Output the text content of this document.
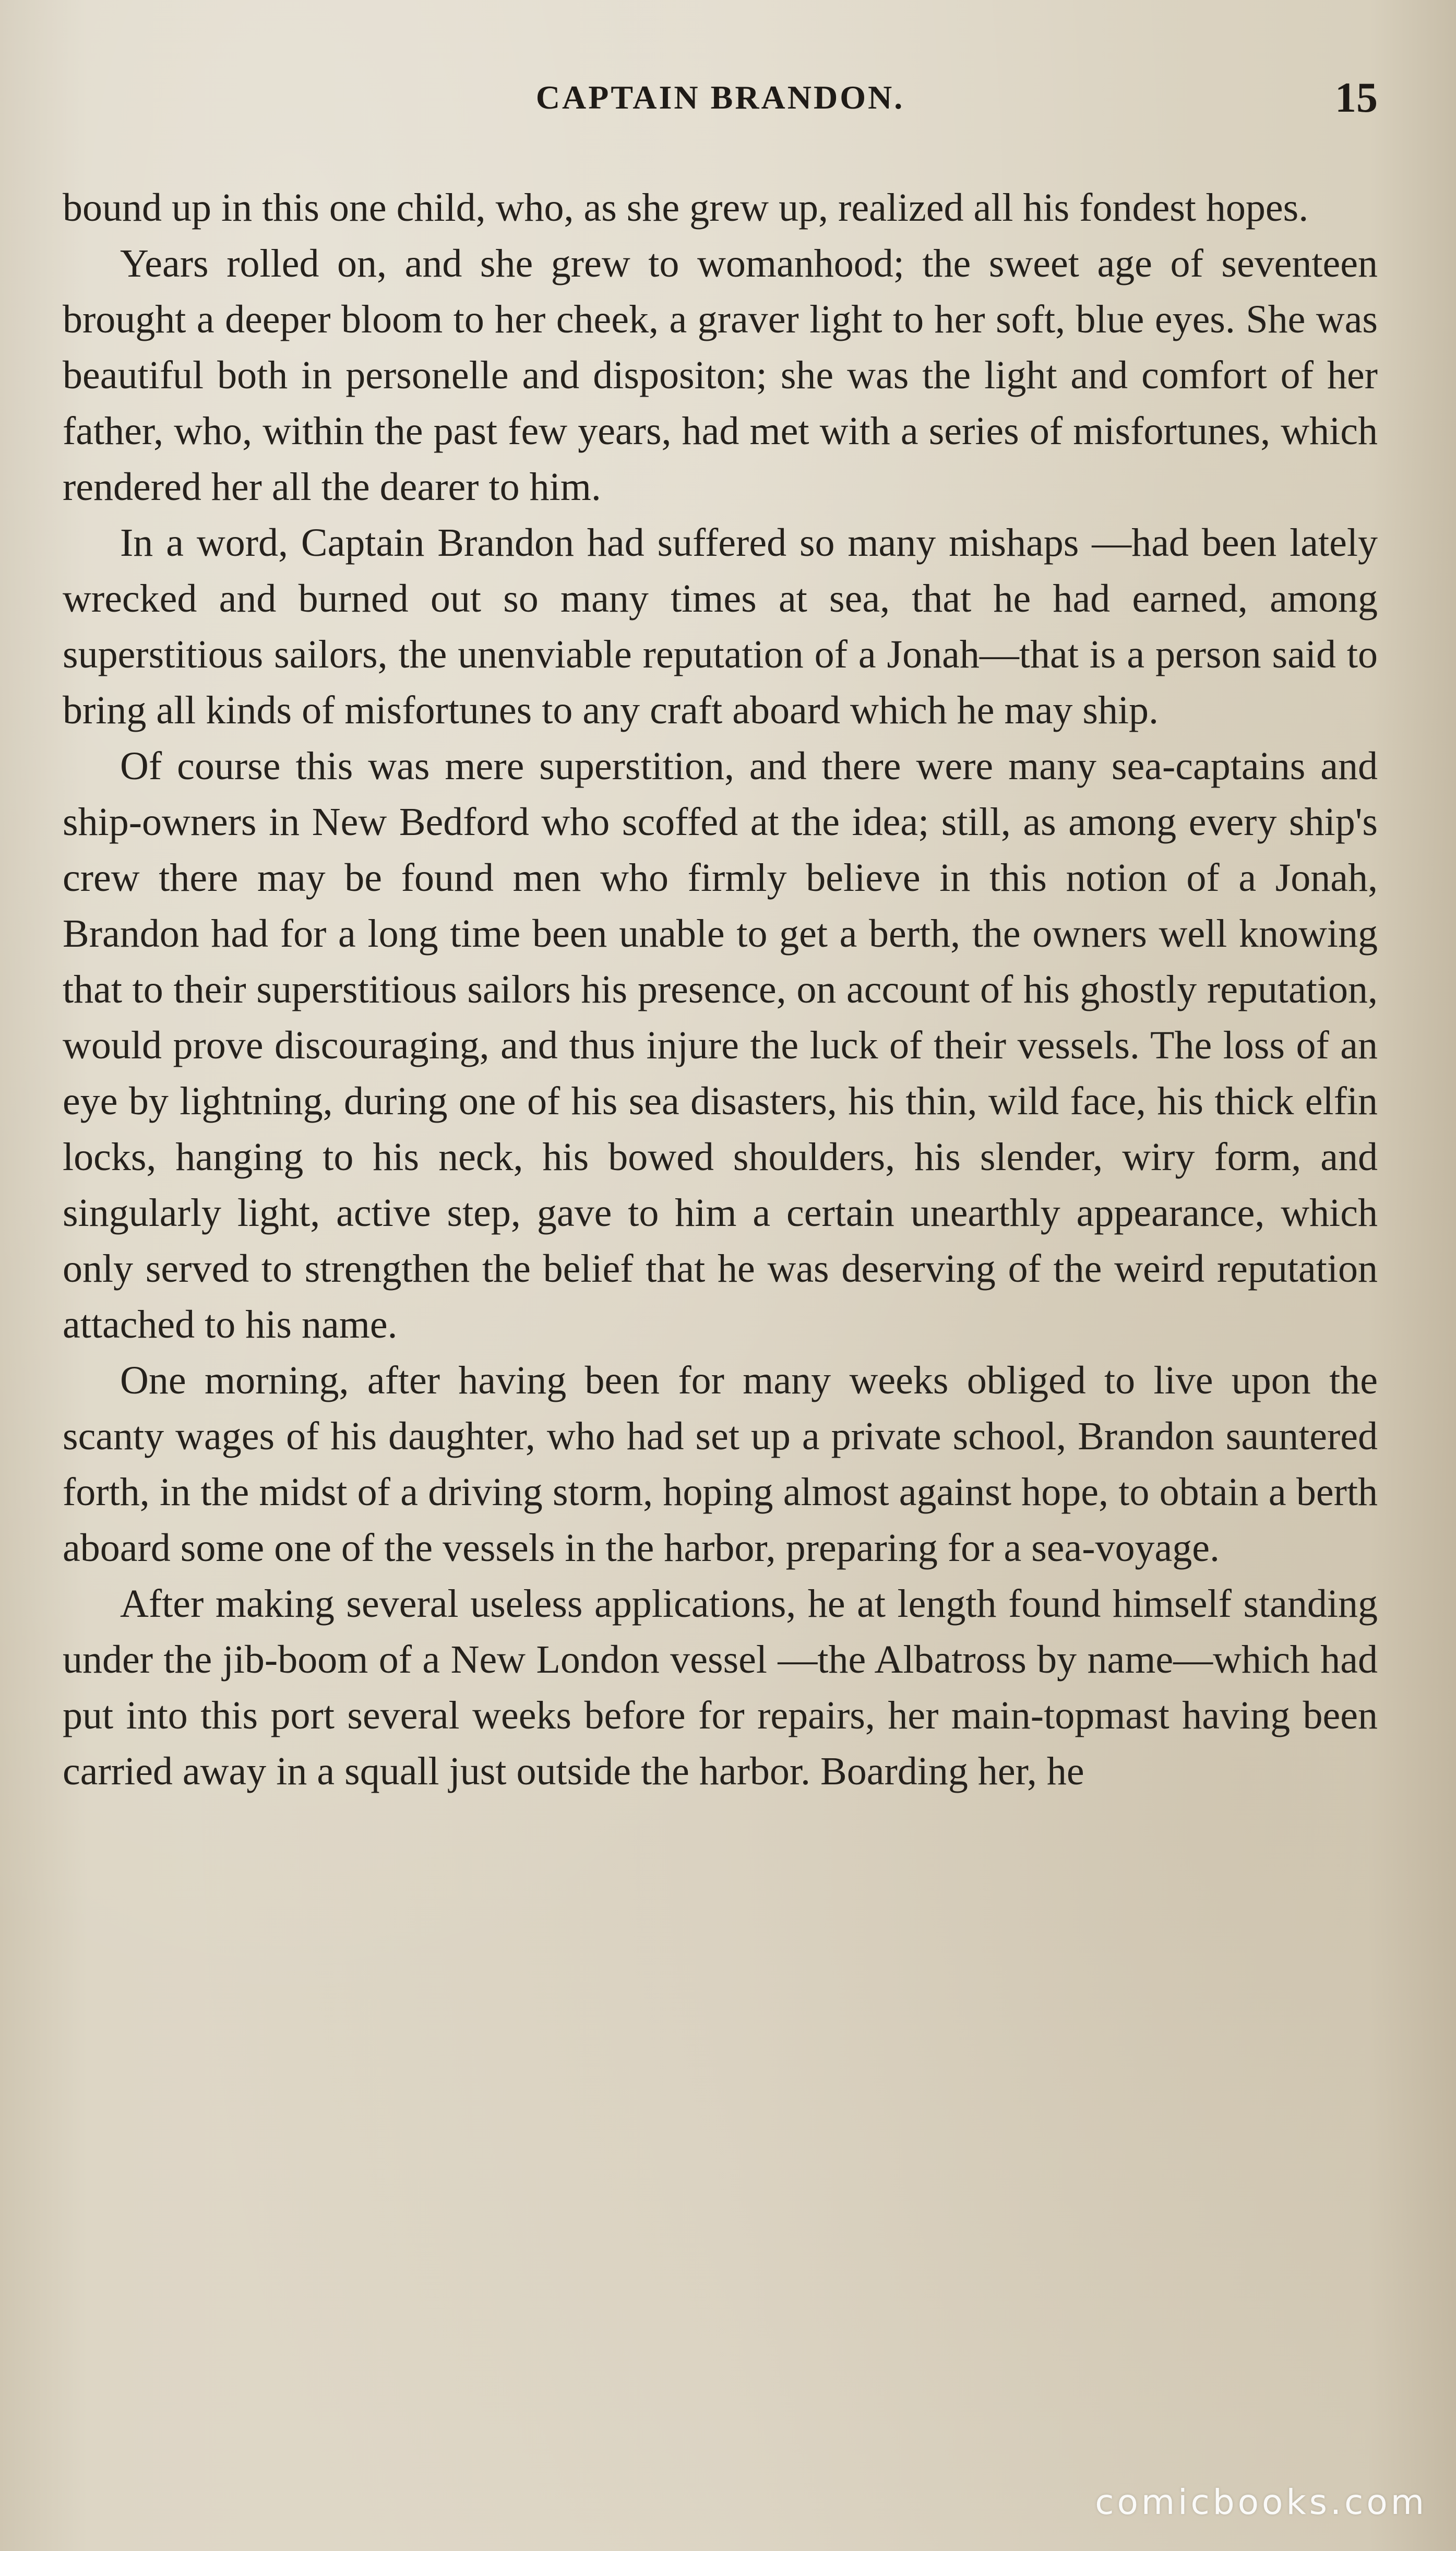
CAPTAIN BRANDON.	15

bound up in this one child, who, as she grew up, realized all his fondest hopes.

Years rolled on, and she grew to womanhood; the sweet age of seventeen brought a deeper bloom to her cheek, a graver light to her soft, blue eyes. She was beautiful both in personelle and dispositon; she was the light and comfort of her father, who, within the past few years, had met with a series of misfortunes, which rendered her all the dearer to him.

In a word, Captain Brandon had suffered so many mishaps —had been lately wrecked and burned out so many times at sea, that he had earned, among superstitious sailors, the unenviable reputation of a Jonah—that is a person said to bring all kinds of misfortunes to any craft aboard which he may ship.

Of course this was mere superstition, and there were many sea-captains and ship-owners in New Bedford who scoffed at the idea; still, as among every ship's crew there may be found men who firmly believe in this notion of a Jonah, Brandon had for a long time been unable to get a berth, the owners well knowing that to their superstitious sailors his presence, on account of his ghostly reputation, would prove discouraging, and thus injure the luck of their vessels. The loss of an eye by lightning, during one of his sea disasters, his thin, wild face, his thick elfin locks, hanging to his neck, his bowed shoulders, his slender, wiry form, and singularly light, active step, gave to him a certain unearthly appearance, which only served to strengthen the belief that he was deserving of the weird reputation attached to his name.

One morning, after having been for many weeks obliged to live upon the scanty wages of his daughter, who had set up a private school, Brandon sauntered forth, in the midst of a driving storm, hoping almost against hope, to obtain a berth aboard some one of the vessels in the harbor, preparing for a sea-voyage.

After making several useless applications, he at length found himself standing under the jib-boom of a New London vessel —the Albatross by name—which had put into this port several weeks before for repairs, her main-topmast having been carried away in a squall just outside the harbor. Boarding her, he

comicbooks.com
